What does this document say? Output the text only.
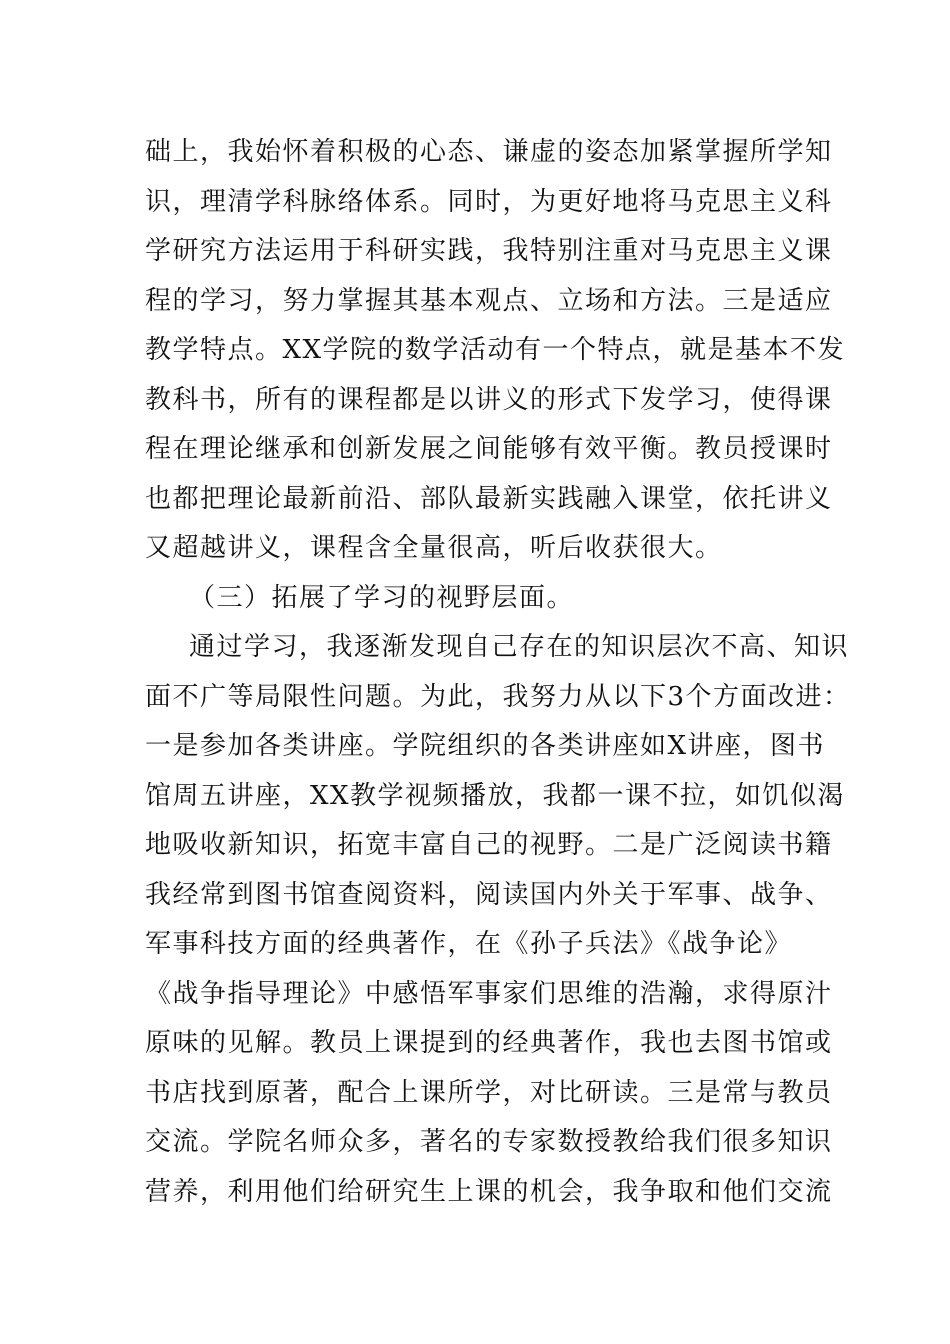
础上，我始怀着积极的心态、谦虚的姿态加紧掌握所学知
识，理清学科脉络体系。同时，为更好地将马克思主义科
学研究方法运用于科研实践，我特别注重对马克思主义课
程的学习，努力掌握其基本观点、立场和方法。三是适应
教学特点。XX学院的数学活动有一个特点，就是基本不发
教科书，所有的课程都是以讲义的形式下发学习，使得课
程在理论继承和创新发展之间能够有效平衡。教员授课时
也都把理论最新前沿、部队最新实践融入课堂，依托讲义
又超越讲义，课程含全量很高，听后收获很大。
（三）拓展了学习的视野层面。
通过学习，我逐渐发现自己存在的知识层次不高、知识
面不广等局限性问题。为此，我努力从以下3个方面改进：
一是参加各类讲座。学院组织的各类讲座如X讲座，图书
馆周五讲座，XX教学视频播放，我都一课不拉，如饥似渴
地吸收新知识，拓宽丰富自己的视野。二是广泛阅读书籍
我经常到图书馆查阅资料，阅读国内外关于军事、战争、
军事科技方面的经典著作，在《孙子兵法》《战争论》
《战争指导理论》中感悟军事家们思维的浩瀚，求得原汁
原味的见解。教员上课提到的经典著作，我也去图书馆或
书店找到原著，配合上课所学，对比研读。三是常与教员
交流。学院名师众多，著名的专家数授教给我们很多知识
营养，利用他们给研究生上课的机会，我争取和他们交流
